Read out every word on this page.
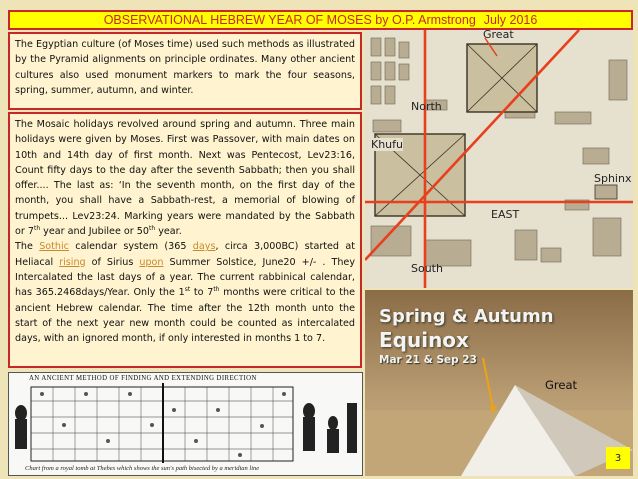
OBSERVATIONAL HEBREW YEAR OF MOSES by O.P. Armstrong July 2016
The Egyptian culture (of Moses time) used such methods as illustrated by the Pyramid alignments on principle ordinates. Many other ancient cultures also used monument markers to mark the four seasons, spring, summer, autumn, and winter.
The Mosaic holidays revolved around spring and autumn. Three main holidays were given by Moses. First was Passover, with main dates on 10th and 14th day of first month. Next was Pentecost, Lev23:16, Count fifty days to the day after the seventh Sabbath; then you shall offer.... The last as: ‘In the seventh month, on the first day of the month, you shall have a Sabbath-rest, a memorial of blowing of trumpets... Lev23:24. Marking years were mandated by the Sabbath or 7th year and Jubilee or 50th year.
The Sothic calendar system (365 days, circa 3,000BC) started at Heliacal rising of Sirius upon Summer Solstice, June20 +/- . They Intercalated the last days of a year. The current rabbinical calendar, has 365.2468days/Year. Only the 1st to 7th months were critical to the ancient Hebrew calendar. The time after the 12th month unto the start of the next year new month could be counted as intercalated days, with an ignored month, if only interested in months 1 to 7.
Great
North
Khufu
Sphinx
EAST
South
Spring & Autumn
Equinox
Mar 21 & Sep 23
Great
AN ANCIENT METHOD OF FINDING AND EXTENDING DIRECTION
Chart from a royal tomb at Thebes which shows the sun's path bisected by a meridian line
3
